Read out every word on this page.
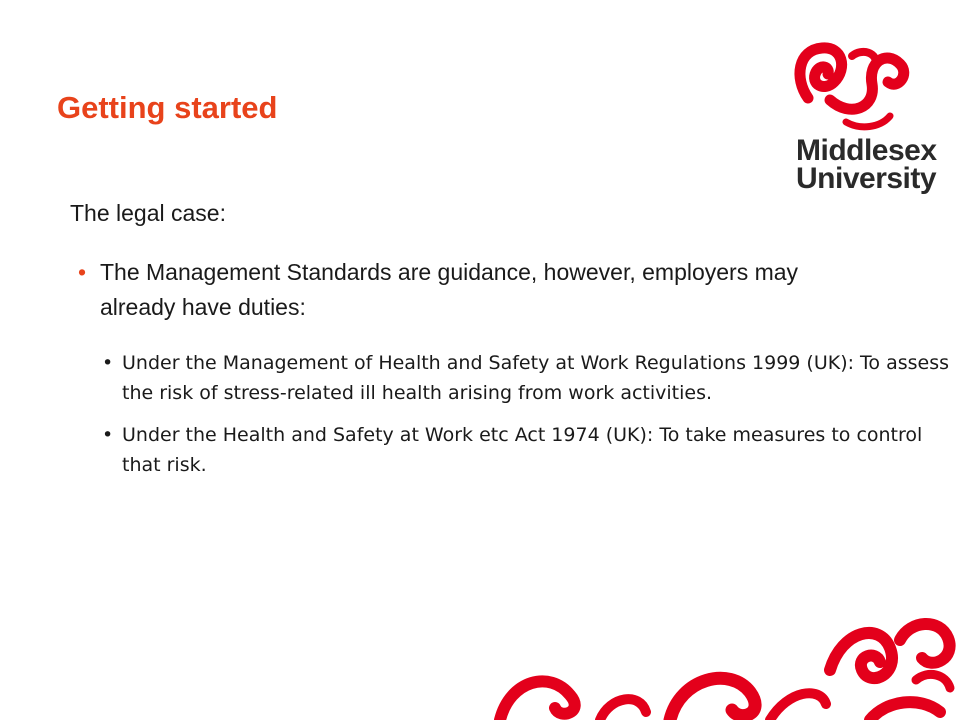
Getting started
Middlesex
University

The legal case:

• The Management Standards are guidance, however, employers may already have duties:
• Under the Management of Health and Safety at Work Regulations 1999 (UK): To assess the risk of stress-related ill health arising from work activities.
• Under the Health and Safety at Work etc Act 1974 (UK): To take measures to control that risk.
